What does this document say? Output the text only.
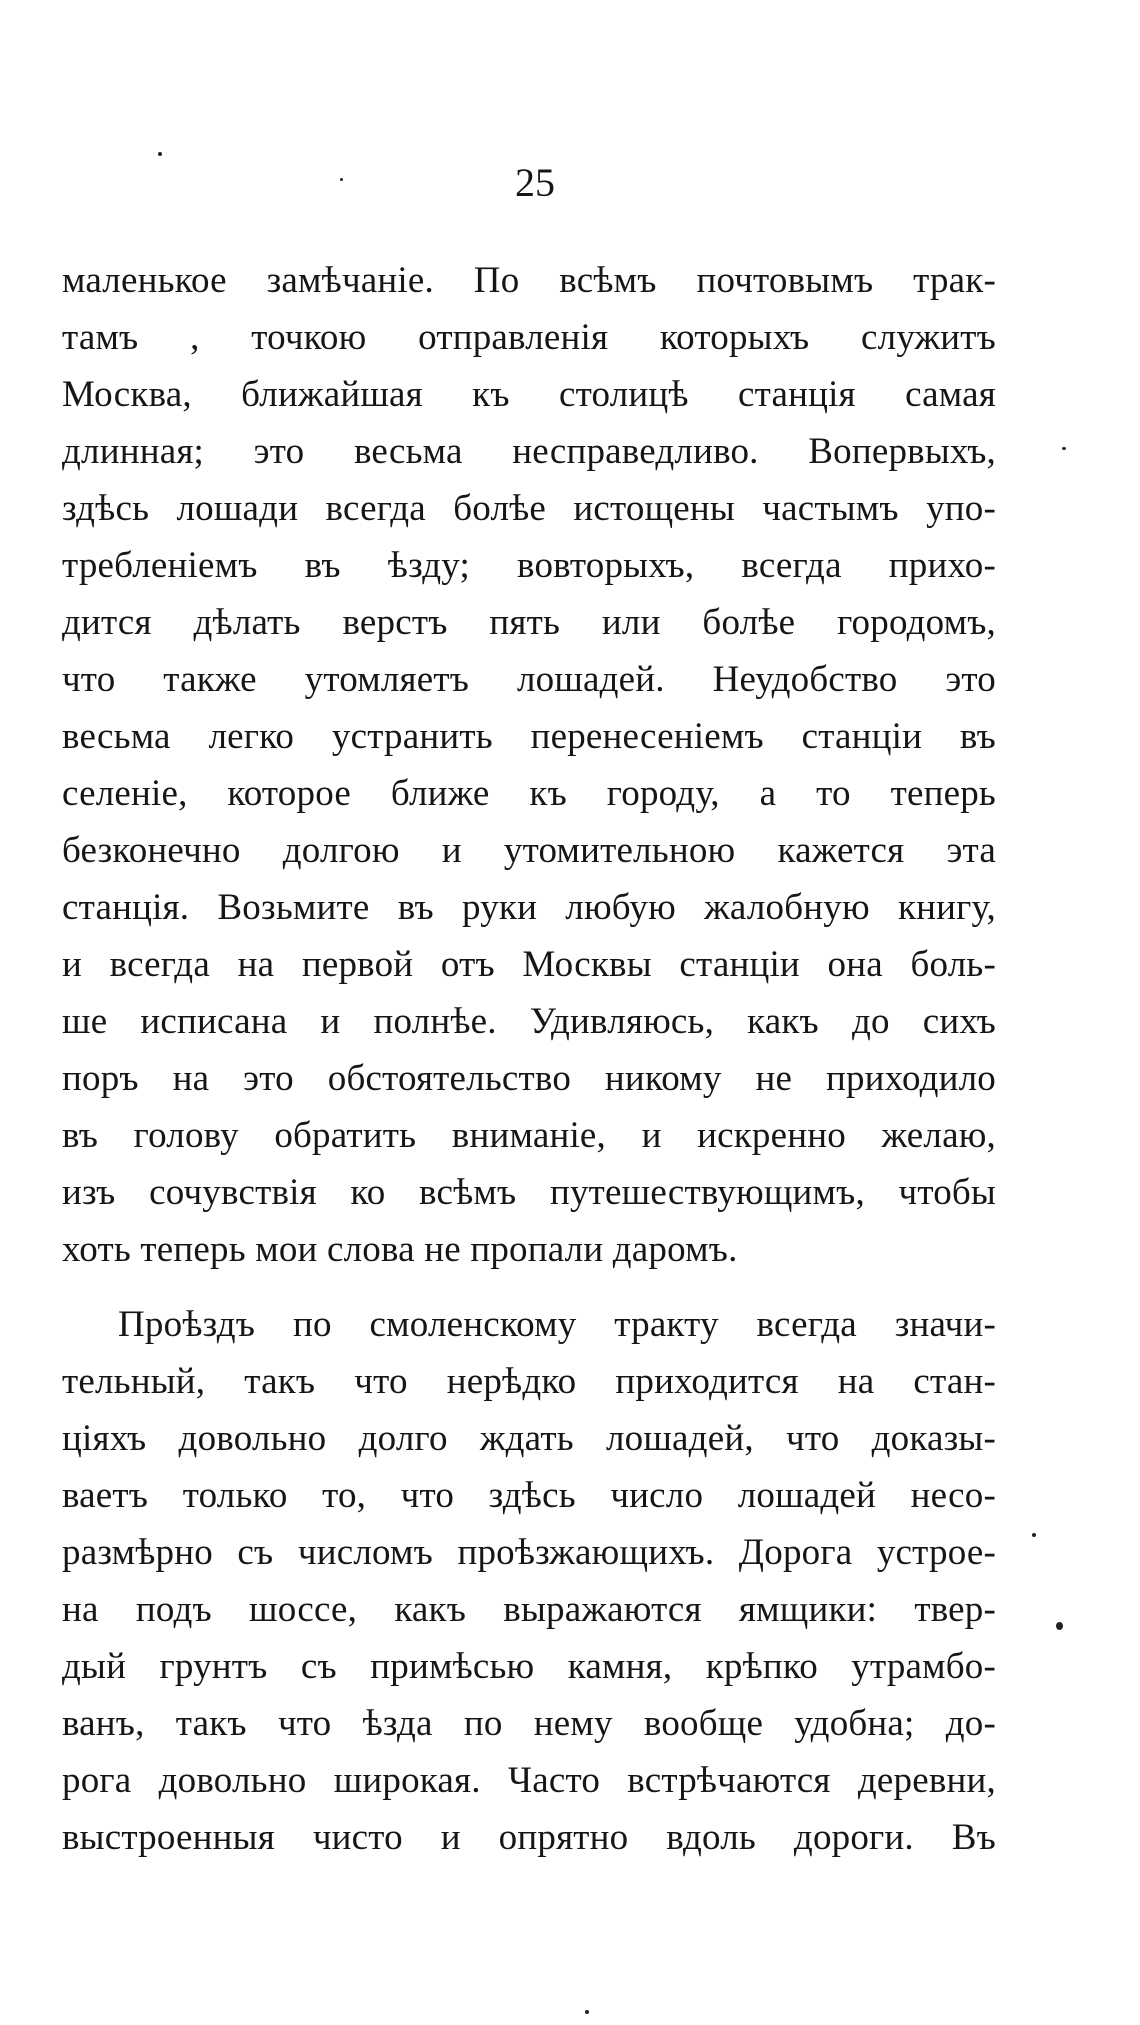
25
маленькое замѣчаніе. По всѣмъ почтовымъ трак-
тамъ , точкою отправленія которыхъ служитъ
Москва, ближайшая къ столицѣ станція самая
длинная; это весьма несправедливо. Вопервыхъ,
здѣсь лошади всегда болѣе истощены частымъ упо-
требленіемъ въ ѣзду; вовторыхъ, всегда прихо-
дится дѣлать верстъ пять или болѣе городомъ,
что также утомляетъ лошадей. Неудобство это
весьма легко устранить перенесеніемъ станціи въ
селеніе, которое ближе къ городу, а то теперь
безконечно долгою и утомительною кажется эта
станція. Возьмите въ руки любую жалобную книгу,
и всегда на первой отъ Москвы станціи она боль-
ше исписана и полнѣе. Удивляюсь, какъ до сихъ
поръ на это обстоятельство никому не приходило
въ голову обратить вниманіе, и искренно желаю,
изъ сочувствія ко всѣмъ путешествующимъ, чтобы
хоть теперь мои слова не пропали даромъ.
Проѣздъ по смоленскому тракту всегда значи-
тельный, такъ что нерѣдко приходится на стан-
ціяхъ довольно долго ждать лошадей, что доказы-
ваетъ только то, что здѣсь число лошадей несо-
размѣрно съ числомъ проѣзжающихъ. Дорога устрое-
на подъ шоссе, какъ выражаются ямщики: твер-
дый грунтъ съ примѣсью камня, крѣпко утрамбо-
ванъ, такъ что ѣзда по нему вообще удобна; до-
рога довольно широкая. Часто встрѣчаются деревни,
выстроенныя чисто и опрятно вдоль дороги. Въ
